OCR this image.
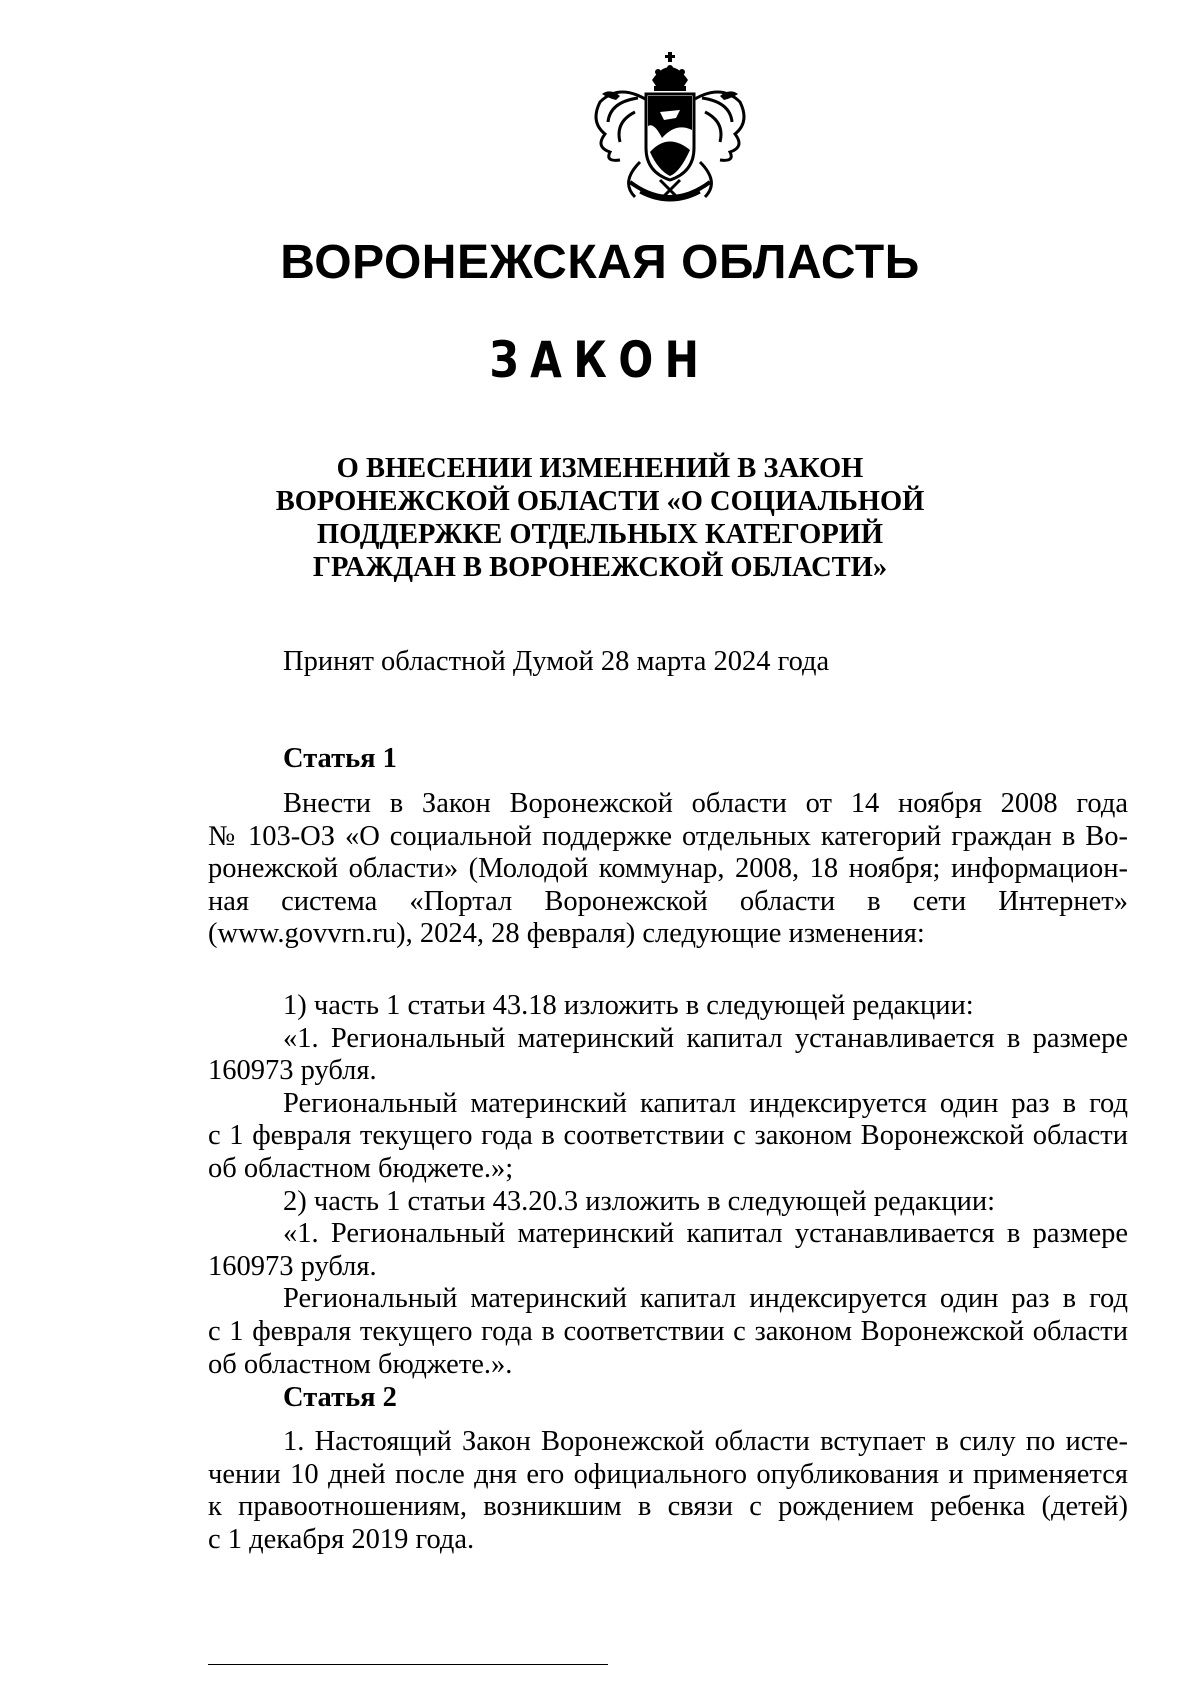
ВОРОНЕЖСКАЯ ОБЛАСТЬ
ЗАКОН
О ВНЕСЕНИИ ИЗМЕНЕНИЙ В ЗАКОН
ВОРОНЕЖСКОЙ ОБЛАСТИ «О СОЦИАЛЬНОЙ
ПОДДЕРЖКЕ ОТДЕЛЬНЫХ КАТЕГОРИЙ
ГРАЖДАН В ВОРОНЕЖСКОЙ ОБЛАСТИ»
Принят областной Думой 28 марта 2024 года
Статья 1
Внести в Закон Воронежской области от 14 ноября 2008 года
№ 103-ОЗ «О социальной поддержке отдельных категорий граждан в Во-
ронежской области» (Молодой коммунар, 2008, 18 ноября; информацион-
ная система «Портал Воронежской области в сети Интернет»
(www.govvrn.ru), 2024, 28 февраля) следующие изменения:
1) часть 1 статьи 43.18 изложить в следующей редакции:
«1. Региональный материнский капитал устанавливается в размере
160973 рубля.
Региональный материнский капитал индексируется один раз в год
с 1 февраля текущего года в соответствии с законом Воронежской области
об областном бюджете.»;
2) часть 1 статьи 43.20.3 изложить в следующей редакции:
«1. Региональный материнский капитал устанавливается в размере
160973 рубля.
Региональный материнский капитал индексируется один раз в год
с 1 февраля текущего года в соответствии с законом Воронежской области
об областном бюджете.».
Статья 2
1. Настоящий Закон Воронежской области вступает в силу по исте-
чении 10 дней после дня его официального опубликования и применяется
к правоотношениям, возникшим в связи с рождением ребенка (детей)
с 1 декабря 2019 года.
